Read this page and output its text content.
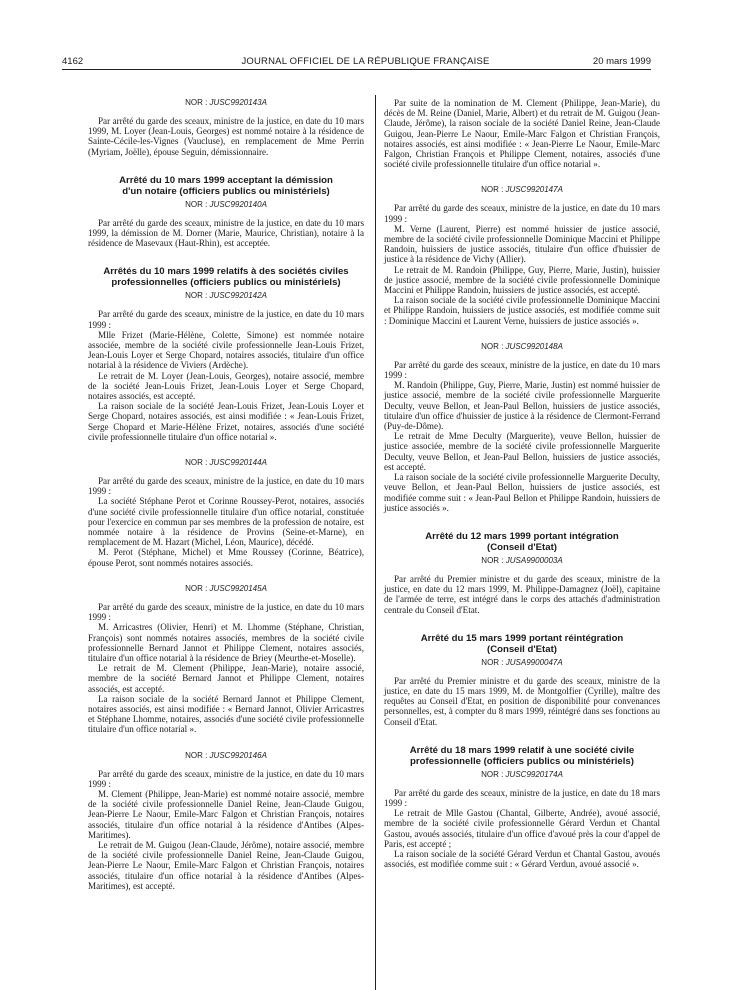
4162	JOURNAL OFFICIEL DE LA RÉPUBLIQUE FRANÇAISE	20 mars 1999
NOR : JUSC9920143A

Par arrêté du garde des sceaux, ministre de la justice, en date du 10 mars 1999, M. Loyer (Jean-Louis, Georges) est nommé notaire à la résidence de Sainte-Cécile-les-Vignes (Vaucluse), en remplacement de Mme Perrin (Myriam, Joëlle), épouse Seguin, démissionnaire.

Arrêté du 10 mars 1999 acceptant la démission
d'un notaire (officiers publics ou ministériels)
NOR : JUSC9920140A

Par arrêté du garde des sceaux, ministre de la justice, en date du 10 mars 1999, la démission de M. Dorner (Marie, Maurice, Christian), notaire à la résidence de Masevaux (Haut-Rhin), est acceptée.

Arrêtés du 10 mars 1999 relatifs à des sociétés civiles
professionnelles (officiers publics ou ministériels)
NOR : JUSC9920142A

Par arrêté du garde des sceaux, ministre de la justice, en date du 10 mars 1999 :

Mlle Frizet (Marie-Hélène, Colette, Simone) est nommée notaire associée, membre de la société civile professionnelle Jean-Louis Frizet, Jean-Louis Loyer et Serge Chopard, notaires associés, titulaire d'un office notarial à la résidence de Viviers (Ardèche).

Le retrait de M. Loyer (Jean-Louis, Georges), notaire associé, membre de la société Jean-Louis Frizet, Jean-Louis Loyer et Serge Chopard, notaires associés, est accepté.

La raison sociale de la société Jean-Louis Frizet, Jean-Louis Loyer et Serge Chopard, notaires associés, est ainsi modifiée : « Jean-Louis Frizet, Serge Chopard et Marie-Hélène Frizet, notaires, associés d'une société civile professionnelle titulaire d'un office notarial ».

NOR : JUSC9920144A

Par arrêté du garde des sceaux, ministre de la justice, en date du 10 mars 1999 :

La société Stéphane Perot et Corinne Roussey-Perot, notaires, associés d'une société civile professionnelle titulaire d'un office notarial, constituée pour l'exercice en commun par ses membres de la profession de notaire, est nommée notaire à la résidence de Provins (Seine-et-Marne), en remplacement de M. Hazart (Michel, Léon, Maurice), décédé.

M. Perot (Stéphane, Michel) et Mme Roussey (Corinne, Béatrice), épouse Perot, sont nommés notaires associés.

NOR : JUSC9920145A

Par arrêté du garde des sceaux, ministre de la justice, en date du 10 mars 1999 :

M. Arricastres (Olivier, Henri) et M. Lhomme (Stéphane, Christian, François) sont nommés notaires associés, membres de la société civile professionnelle Bernard Jannot et Philippe Clement, notaires associés, titulaire d'un office notarial à la résidence de Briey (Meurthe-et-Moselle).

Le retrait de M. Clement (Philippe, Jean-Marie), notaire associé, membre de la société Bernard Jannot et Philippe Clement, notaires associés, est accepté.

La raison sociale de la société Bernard Jannot et Philippe Clement, notaires associés, est ainsi modifiée : « Bernard Jannot, Olivier Arricastres et Stéphane Lhomme, notaires, associés d'une société civile professionnelle titulaire d'un office notarial ».

NOR : JUSC9920146A

Par arrêté du garde des sceaux, ministre de la justice, en date du 10 mars 1999 :

M. Clement (Philippe, Jean-Marie) est nommé notaire associé, membre de la société civile professionnelle Daniel Reine, Jean-Claude Guigou, Jean-Pierre Le Naour, Emile-Marc Falgon et Christian François, notaires associés, titulaire d'un office notarial à la résidence d'Antibes (Alpes-Maritimes).

Le retrait de M. Guigou (Jean-Claude, Jérôme), notaire associé, membre de la société civile professionnelle Daniel Reine, Jean-Claude Guigou, Jean-Pierre Le Naour, Emile-Marc Falgon et Christian François, notaires associés, titulaire d'un office notarial à la résidence d'Antibes (Alpes-Maritimes), est accepté.

Par suite de la nomination de M. Clement (Philippe, Jean-Marie), du décès de M. Reine (Daniel, Marie, Albert) et du retrait de M. Guigou (Jean-Claude, Jérôme), la raison sociale de la société Daniel Reine, Jean-Claude Guigou, Jean-Pierre Le Naour, Emile-Marc Falgon et Christian François, notaires associés, est ainsi modifiée : « Jean-Pierre Le Naour, Emile-Marc Falgon, Christian François et Philippe Clement, notaires, associés d'une société civile professionnelle titulaire d'un office notarial ».

NOR : JUSC9920147A

Par arrêté du garde des sceaux, ministre de la justice, en date du 10 mars 1999 :

M. Verne (Laurent, Pierre) est nommé huissier de justice associé, membre de la société civile professionnelle Dominique Maccini et Philippe Randoin, huissiers de justice associés, titulaire d'un office d'huissier de justice à la résidence de Vichy (Allier).

Le retrait de M. Randoin (Philippe, Guy, Pierre, Marie, Justin), huissier de justice associé, membre de la société civile professionnelle Dominique Maccini et Philippe Randoin, huissiers de justice associés, est accepté.

La raison sociale de la société civile professionnelle Dominique Maccini et Philippe Randoin, huissiers de justice associés, est modifiée comme suit : Dominique Maccini et Laurent Verne, huissiers de justice associés ».

NOR : JUSC9920148A

Par arrêté du garde des sceaux, ministre de la justice, en date du 10 mars 1999 :

M. Randoin (Philippe, Guy, Pierre, Marie, Justin) est nommé huissier de justice associé, membre de la société civile professionnelle Marguerite Deculty, veuve Bellon, et Jean-Paul Bellon, huissiers de justice associés, titulaire d'un office d'huissier de justice à la résidence de Clermont-Ferrand (Puy-de-Dôme).

Le retrait de Mme Deculty (Marguerite), veuve Bellon, huissier de justice associée, membre de la société civile professionnelle Marguerite Deculty, veuve Bellon, et Jean-Paul Bellon, huissiers de justice associés, est accepté.

La raison sociale de la société civile professionnelle Marguerite Deculty, veuve Bellon, et Jean-Paul Bellon, huissiers de justice associés, est modifiée comme suit : « Jean-Paul Bellon et Philippe Randoin, huissiers de justice associés ».

Arrêté du 12 mars 1999 portant intégration
(Conseil d'Etat)
NOR : JUSA9900003A

Par arrêté du Premier ministre et du garde des sceaux, ministre de la justice, en date du 12 mars 1999, M. Philippe-Damagnez (Joël), capitaine de l'armée de terre, est intégré dans le corps des attachés d'administration centrale du Conseil d'Etat.

Arrêté du 15 mars 1999 portant réintégration
(Conseil d'Etat)
NOR : JUSA9900047A

Par arrêté du Premier ministre et du garde des sceaux, ministre de la justice, en date du 15 mars 1999, M. de Montgolfier (Cyrille), maître des requêtes au Conseil d'Etat, en position de disponibilité pour convenances personnelles, est, à compter du 8 mars 1999, réintégré dans ses fonctions au Conseil d'Etat.

Arrêté du 18 mars 1999 relatif à une société civile
professionnelle (officiers publics ou ministériels)
NOR : JUSC9920174A

Par arrêté du garde des sceaux, ministre de la justice, en date du 18 mars 1999 :

Le retrait de Mlle Gastou (Chantal, Gilberte, Andrée), avoué associé, membre de la société civile professionnelle Gérard Verdun et Chantal Gastou, avoués associés, titulaire d'un office d'avoué près la cour d'appel de Paris, est accepté ;

La raison sociale de la société Gérard Verdun et Chantal Gastou, avoués associés, est modifiée comme suit : « Gérard Verdun, avoué associé ».
